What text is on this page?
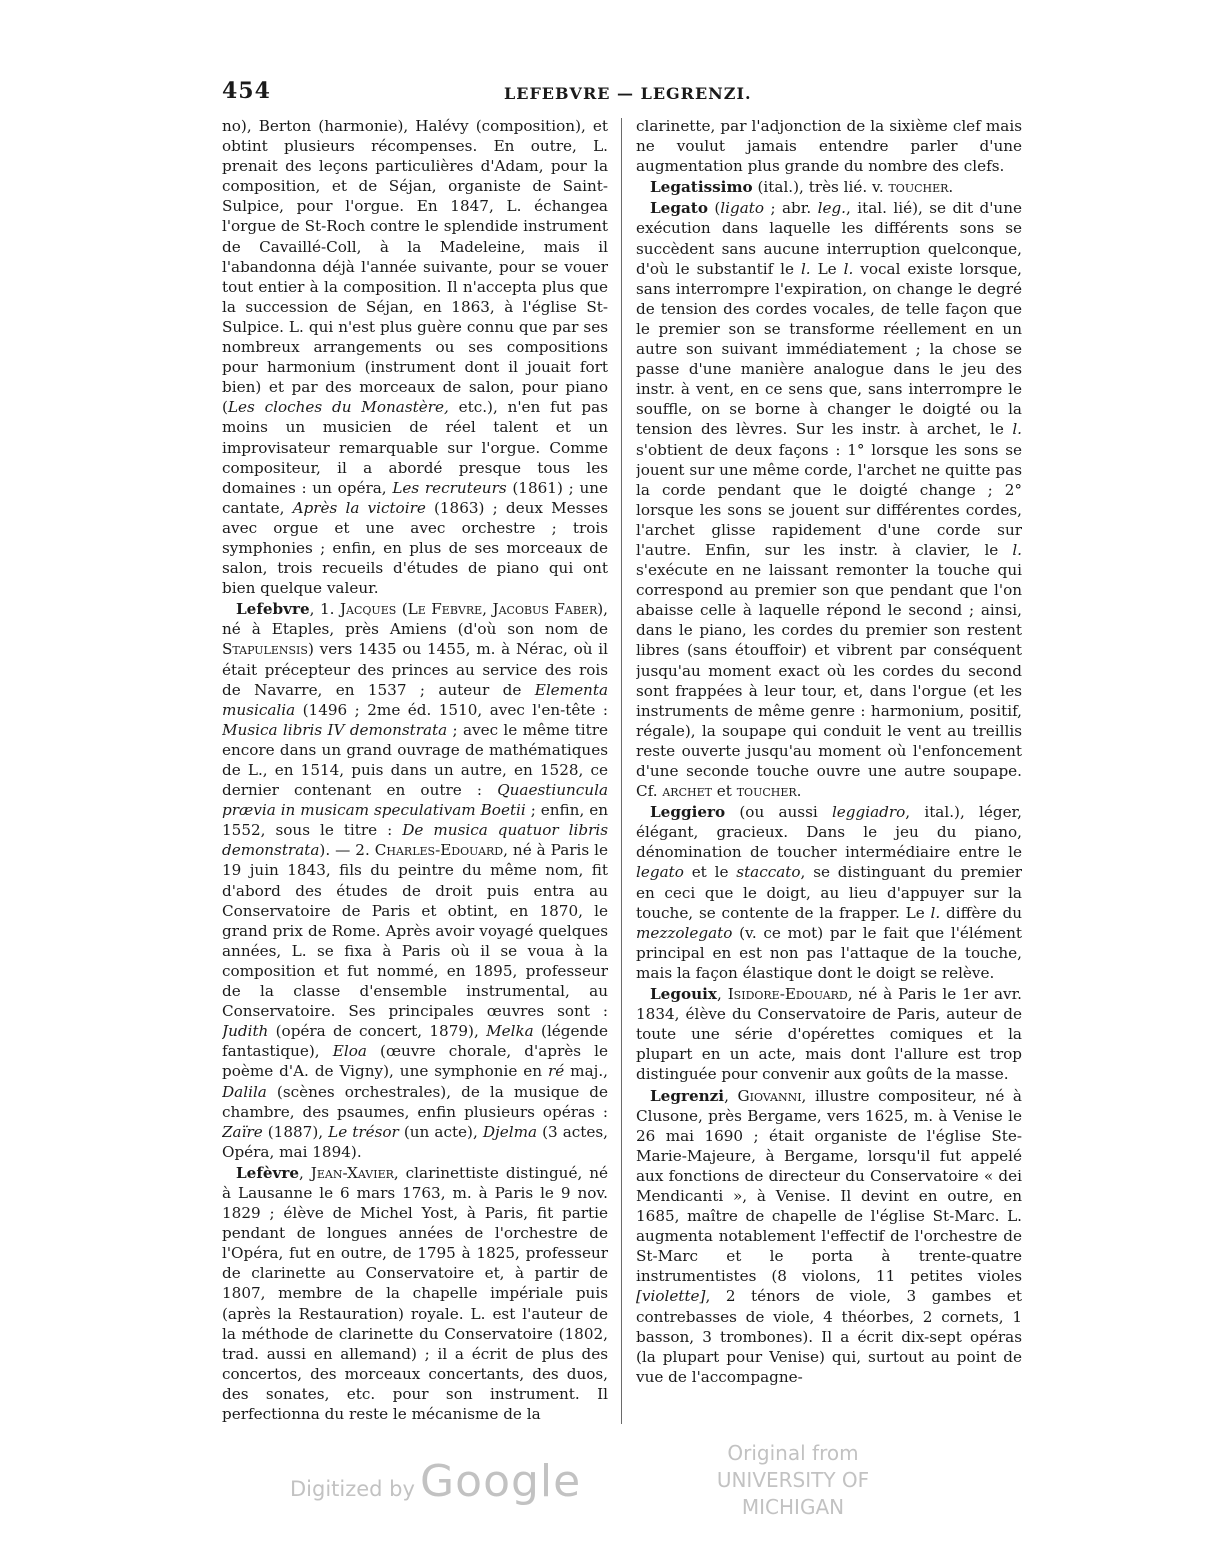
454	LEFEBVRE — LEGRENZI.

no), Berton (harmonie), Halévy (composition), et obtint plusieurs récompenses. En outre, L. prenait des leçons particulières d'Adam, pour la composition, et de Séjan, organiste de Saint-Sulpice, pour l'orgue. En 1847, L. échangea l'orgue de St-Roch contre le splendide instrument de Cavaillé-Coll, à la Madeleine, mais il l'abandonna déjà l'année suivante, pour se vouer tout entier à la composition. Il n'accepta plus que la succession de Séjan, en 1863, à l'église St-Sulpice. L. qui n'est plus guère connu que par ses nombreux arrangements ou ses compositions pour harmonium (instrument dont il jouait fort bien) et par des morceaux de salon, pour piano (Les cloches du Monastère, etc.), n'en fut pas moins un musicien de réel talent et un improvisateur remarquable sur l'orgue. Comme compositeur, il a abordé presque tous les domaines : un opéra, Les recruteurs (1861) ; une cantate, Après la victoire (1863) ; deux Messes avec orgue et une avec orchestre ; trois symphonies ; enfin, en plus de ses morceaux de salon, trois recueils d'études de piano qui ont bien quelque valeur.

Lefebvre, 1. Jacques (Le Febvre, Jacobus Faber), né à Etaples, près Amiens (d'où son nom de Stapulensis) vers 1435 ou 1455, m. à Nérac, où il était précepteur des princes au service des rois de Navarre, en 1537 ; auteur de Elementa musicalia (1496 ; 2me éd. 1510, avec l'en-tête : Musica libris IV demonstrata ; avec le même titre encore dans un grand ouvrage de mathématiques de L., en 1514, puis dans un autre, en 1528, ce dernier contenant en outre : Quaestiuncula prævia in musicam speculativam Boetii ; enfin, en 1552, sous le titre : De musica quatuor libris demonstrata). — 2. Charles-Edouard, né à Paris le 19 juin 1843, fils du peintre du même nom, fit d'abord des études de droit puis entra au Conservatoire de Paris et obtint, en 1870, le grand prix de Rome. Après avoir voyagé quelques années, L. se fixa à Paris où il se voua à la composition et fut nommé, en 1895, professeur de la classe d'ensemble instrumental, au Conservatoire. Ses principales œuvres sont : Judith (opéra de concert, 1879), Melka (légende fantastique), Eloa (œuvre chorale, d'après le poème d'A. de Vigny), une symphonie en ré maj., Dalila (scènes orchestrales), de la musique de chambre, des psaumes, enfin plusieurs opéras : Zaïre (1887), Le trésor (un acte), Djelma (3 actes, Opéra, mai 1894).

Lefèvre, Jean-Xavier, clarinettiste distingué, né à Lausanne le 6 mars 1763, m. à Paris le 9 nov. 1829 ; élève de Michel Yost, à Paris, fit partie pendant de longues années de l'orchestre de l'Opéra, fut en outre, de 1795 à 1825, professeur de clarinette au Conservatoire et, à partir de 1807, membre de la chapelle impériale puis (après la Restauration) royale. L. est l'auteur de la méthode de clarinette du Conservatoire (1802, trad. aussi en allemand) ; il a écrit de plus des concertos, des morceaux concertants, des duos, des sonates, etc. pour son instrument. Il perfectionna du reste le mécanisme de la

clarinette, par l'adjonction de la sixième clef mais ne voulut jamais entendre parler d'une augmentation plus grande du nombre des clefs.

Legatissimo (ital.), très lié. v. toucher.

Legato (ligato ; abr. leg., ital. lié), se dit d'une exécution dans laquelle les différents sons se succèdent sans aucune interruption quelconque, d'où le substantif le l. Le l. vocal existe lorsque, sans interrompre l'expiration, on change le degré de tension des cordes vocales, de telle façon que le premier son se transforme réellement en un autre son suivant immédiatement ; la chose se passe d'une manière analogue dans le jeu des instr. à vent, en ce sens que, sans interrompre le souffle, on se borne à changer le doigté ou la tension des lèvres. Sur les instr. à archet, le l. s'obtient de deux façons : 1° lorsque les sons se jouent sur une même corde, l'archet ne quitte pas la corde pendant que le doigté change ; 2° lorsque les sons se jouent sur différentes cordes, l'archet glisse rapidement d'une corde sur l'autre. Enfin, sur les instr. à clavier, le l. s'exécute en ne laissant remonter la touche qui correspond au premier son que pendant que l'on abaisse celle à laquelle répond le second ; ainsi, dans le piano, les cordes du premier son restent libres (sans étouffoir) et vibrent par conséquent jusqu'au moment exact où les cordes du second sont frappées à leur tour, et, dans l'orgue (et les instruments de même genre : harmonium, positif, régale), la soupape qui conduit le vent au treillis reste ouverte jusqu'au moment où l'enfoncement d'une seconde touche ouvre une autre soupape. Cf. archet et toucher.

Leggiero (ou aussi leggiadro, ital.), léger, élégant, gracieux. Dans le jeu du piano, dénomination de toucher intermédiaire entre le legato et le staccato, se distinguant du premier en ceci que le doigt, au lieu d'appuyer sur la touche, se contente de la frapper. Le l. diffère du mezzolegato (v. ce mot) par le fait que l'élément principal en est non pas l'attaque de la touche, mais la façon élastique dont le doigt se relève.

Legouix, Isidore-Edouard, né à Paris le 1er avr. 1834, élève du Conservatoire de Paris, auteur de toute une série d'opérettes comiques et la plupart en un acte, mais dont l'allure est trop distinguée pour convenir aux goûts de la masse.

Legrenzi, Giovanni, illustre compositeur, né à Clusone, près Bergame, vers 1625, m. à Venise le 26 mai 1690 ; était organiste de l'église Ste-Marie-Majeure, à Bergame, lorsqu'il fut appelé aux fonctions de directeur du Conservatoire « dei Mendicanti », à Venise. Il devint en outre, en 1685, maître de chapelle de l'église St-Marc. L. augmenta notablement l'effectif de l'orchestre de St-Marc et le porta à trente-quatre instrumentistes (8 violons, 11 petites violes [violette], 2 ténors de viole, 3 gambes et contrebasses de viole, 4 théorbes, 2 cornets, 1 basson, 3 trombones). Il a écrit dix-sept opéras (la plupart pour Venise) qui, surtout au point de vue de l'accompagne-

Digitized by Google
Original from
UNIVERSITY OF MICHIGAN
